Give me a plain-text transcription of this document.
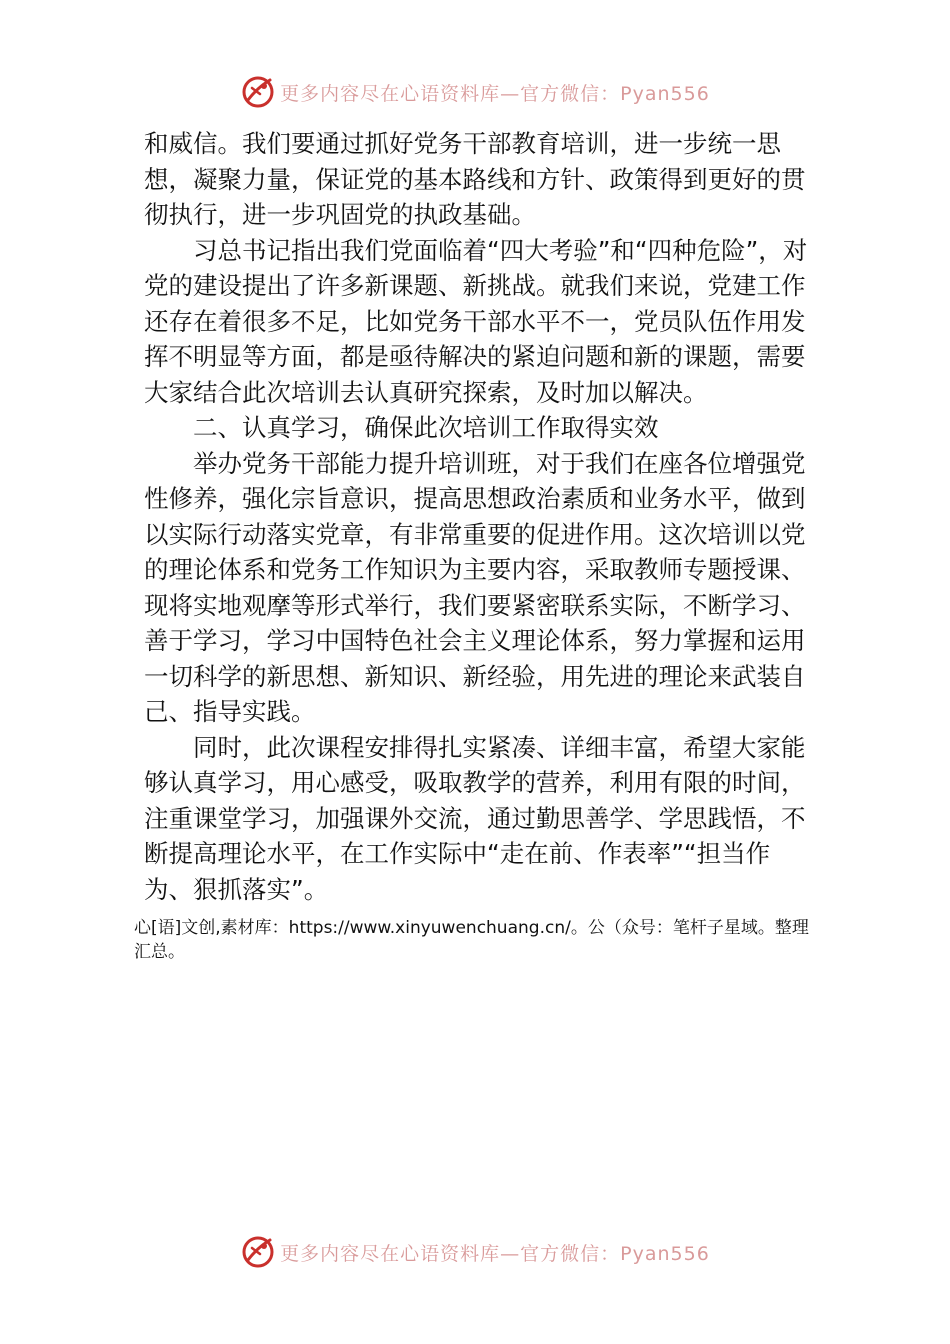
更多内容尽在心语资料库—官方微信：Pyan556

和威信。我们要通过抓好党务干部教育培训，进一步统一思想，凝聚力量，保证党的基本路线和方针、政策得到更好的贯彻执行，进一步巩固党的执政基础。

习总书记指出我们党面临着“四大考验”和“四种危险”，对党的建设提出了许多新课题、新挑战。就我们来说，党建工作还存在着很多不足，比如党务干部水平不一，党员队伍作用发挥不明显等方面，都是亟待解决的紧迫问题和新的课题，需要大家结合此次培训去认真研究探索，及时加以解决。

二、认真学习，确保此次培训工作取得实效

举办党务干部能力提升培训班，对于我们在座各位增强党性修养，强化宗旨意识，提高思想政治素质和业务水平，做到以实际行动落实党章，有非常重要的促进作用。这次培训以党的理论体系和党务工作知识为主要内容，采取教师专题授课、现将实地观摩等形式举行，我们要紧密联系实际，不断学习、善于学习，学习中国特色社会主义理论体系，努力掌握和运用一切科学的新思想、新知识、新经验，用先进的理论来武装自己、指导实践。

同时，此次课程安排得扎实紧凑、详细丰富，希望大家能够认真学习，用心感受，吸取教学的营养，利用有限的时间，注重课堂学习，加强课外交流，通过勤思善学、学思践悟，不断提高理论水平，在工作实际中“走在前、作表率”“担当作为、狠抓落实”。

心[语]文创,素材库：https://www.xinyuwenchuang.cn/。公（众号：笔杆子星域。整理汇总。
更多内容尽在心语资料库—官方微信：Pyan556
